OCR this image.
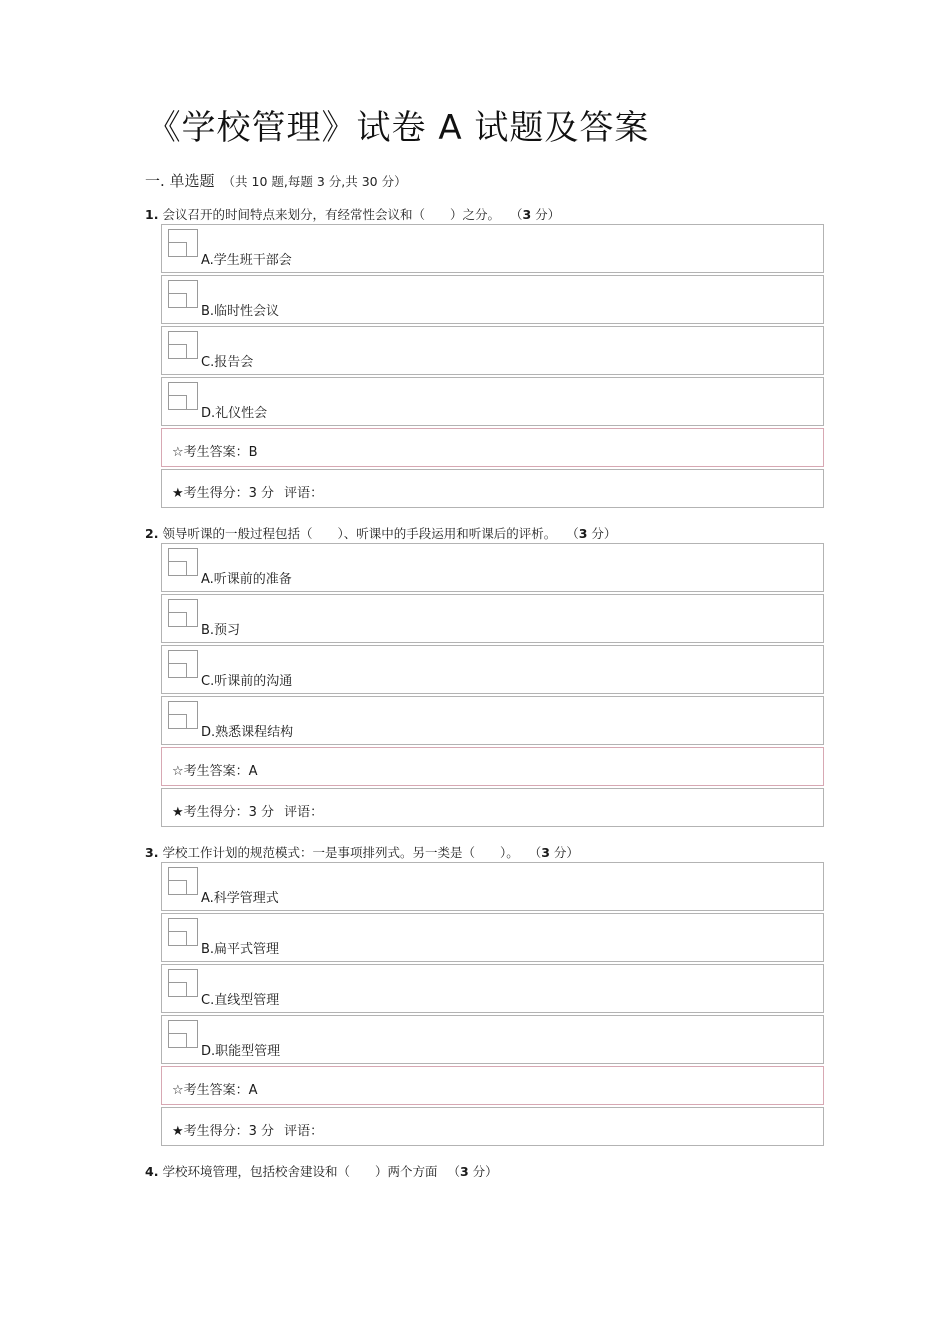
《学校管理》试卷 A 试题及答案
一. 单选题 （共 10 题,每题 3 分,共 30 分）
1. 会议召开的时间特点来划分，有经常性会议和（　　）之分。 （3 分）
A.学生班干部会
B.临时性会议
C.报告会
D.礼仪性会
☆考生答案：B
★考生得分：3 分 评语：
2. 领导听课的一般过程包括（　　）、听课中的手段运用和听课后的评析。 （3 分）
A.听课前的准备
B.预习
C.听课前的沟通
D.熟悉课程结构
☆考生答案：A
★考生得分：3 分 评语：
3. 学校工作计划的规范模式：一是事项排列式。另一类是（　　）。 （3 分）
A.科学管理式
B.扁平式管理
C.直线型管理
D.职能型管理
☆考生答案：A
★考生得分：3 分 评语：
4. 学校环境管理，包括校舍建设和（　　）两个方面 （3 分）
